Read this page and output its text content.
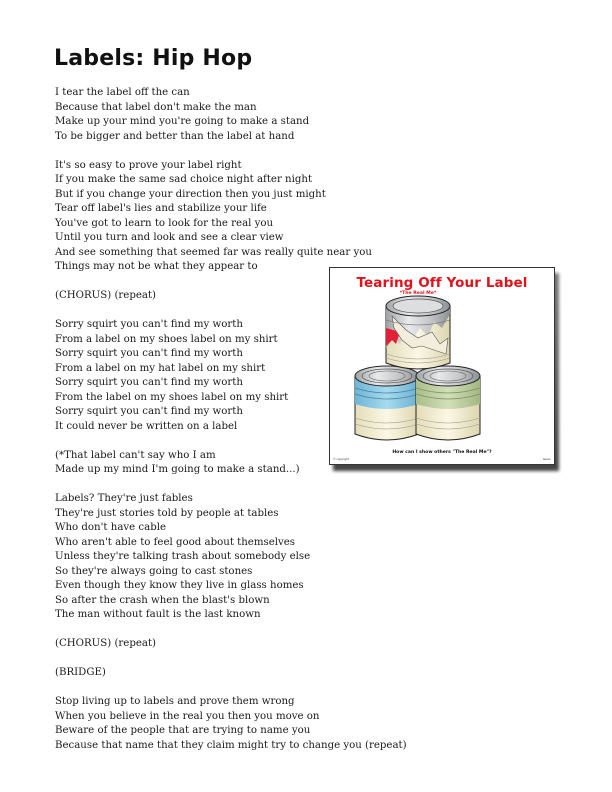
Labels: Hip Hop
I tear the label off the can
Because that label don't make the man
Make up your mind you're going to make a stand
To be bigger and better than the label at hand
It's so easy to prove your label right
If you make the same sad choice night after night
But if you change your direction then you just might
Tear off label's lies and stabilize your life
You've got to learn to look for the real you
Until you turn and look and see a clear view
And see something that seemed far was really quite near you
Things may not be what they appear to
(CHORUS) (repeat)
Sorry squirt you can't find my worth
From a label on my shoes label on my shirt
Sorry squirt you can't find my worth
From a label on my hat label on my shirt
Sorry squirt you can't find my worth
From the label on my shoes label on my shirt
Sorry squirt you can't find my worth
It could never be written on a label
(*That label can't say who I am
Made up my mind I'm going to make a stand...)
Labels? They're just fables
They're just stories told by people at tables
Who don't have cable
Who aren't able to feel good about themselves
Unless they're talking trash about somebody else
So they're always going to cast stones
Even though they know they live in glass homes
So after the crash when the blast's blown
The man without fault is the last known
(CHORUS) (repeat)
(BRIDGE)
Stop living up to labels and prove them wrong
When you believe in the real you then you move on
Beware of the people that are trying to name you
Because that name that they claim might try to change you (repeat)
Tearing Off Your Label
*The Real Me*
How can I show others "The Real Me"?
© copyright	lesson
